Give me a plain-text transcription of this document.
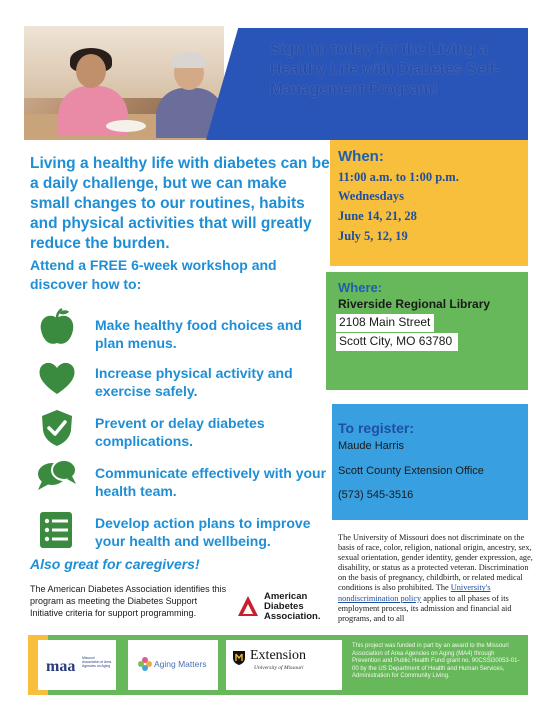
Sign up today for the Living a Healthy Life with Diabetes Self-Management Program!
Living a healthy life with diabetes can be a daily challenge, but we can make small changes to our routines, habits and physical activities that will greatly reduce the burden.
Attend a FREE 6-week workshop and discover how to:
Make healthy food choices and plan menus.
Increase physical activity and exercise safely.
Prevent or delay diabetes complications.
Communicate effectively with your health team.
Develop action plans to improve your health and wellbeing.
Also great for caregivers!
The American Diabetes Association identifies this program as meeting the Diabetes Support Initiative criteria for support programming.
American
Diabetes
Association.
When:
11:00 a.m. to 1:00 p.m.
Wednesdays
June 14, 21, 28
July 5, 12, 19
Where:
Riverside Regional Library
2108 Main Street
Scott City, MO 63780
To register:
Maude Harris
Scott County Extension Office
(573) 545-3516
The University of Missouri does not discriminate on the basis of race, color, religion, national origin, ancestry, sex, sexual orientation, gender identity, gender expression, age, disability, or status as a protected veteran. Discrimination on the basis of pregnancy, childbirth, or related medical conditions is also prohibited. The University's nondiscrimination policy applies to all phases of its employment process, its admission and financial aid programs, and to all
maa Missouri Association of Area Agencies on Aging	Aging Matters
Extension
University of Missouri
This project was funded in part by an award to the Missouri Association of Area Agencies on Aging (MA4) through Prevention and Public Health Fund grant no. 90CSSG0053-01-00 by the US Department of Health and Human Services, Administration for Community Living.
